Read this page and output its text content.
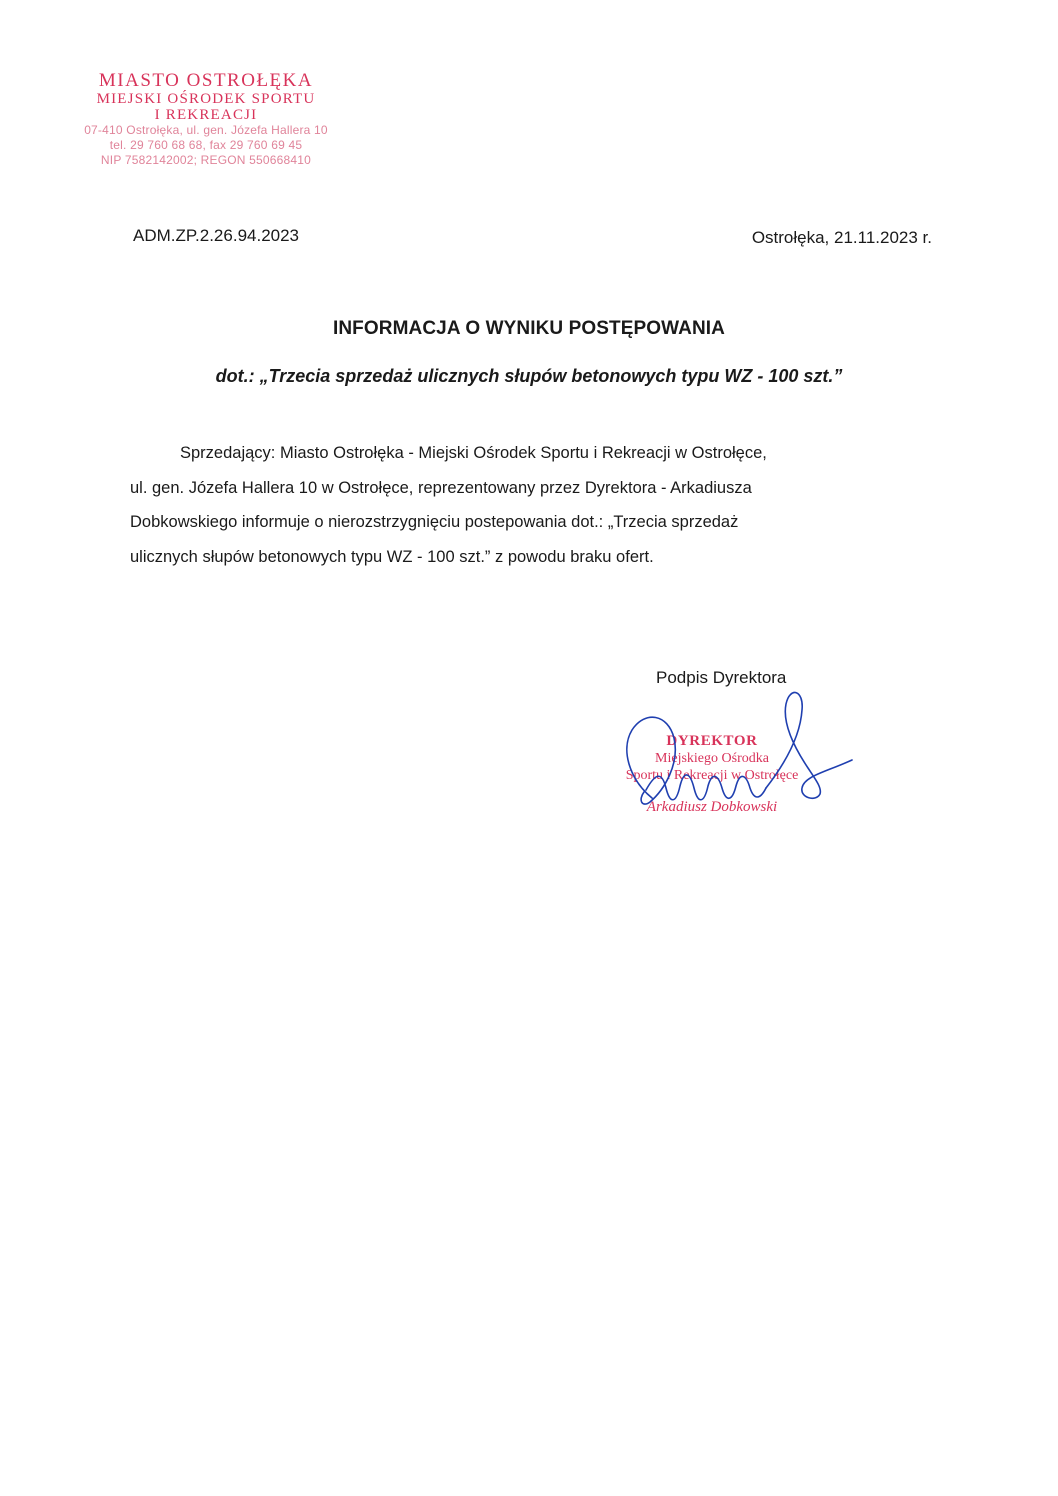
MIASTO OSTROŁĘKA
MIEJSKI OŚRODEK SPORTU
I REKREACJI
07-410 Ostrołęka, ul. gen. Józefa Hallera 10
tel. 29 760 68 68, fax 29 760 69 45
NIP 7582142002; REGON 550668410
ADM.ZP.2.26.94.2023	Ostrołęka, 21.11.2023 r.
INFORMACJA O WYNIKU POSTĘPOWANIA
dot.: „Trzecia sprzedaż ulicznych słupów betonowych typu WZ - 100 szt.”
Sprzedający: Miasto Ostrołęka - Miejski Ośrodek Sportu i Rekreacji w Ostrołęce,
ul. gen. Józefa Hallera 10 w Ostrołęce, reprezentowany przez Dyrektora - Arkadiusza
Dobkowskiego informuje o nierozstrzygnięciu postepowania dot.: „Trzecia sprzedaż
ulicznych słupów betonowych typu WZ - 100 szt.” z powodu braku ofert.
Podpis Dyrektora
DYREKTOR
Miejskiego Ośrodka
Sportu i Rekreacji w Ostrołęce
Arkadiusz Dobkowski
